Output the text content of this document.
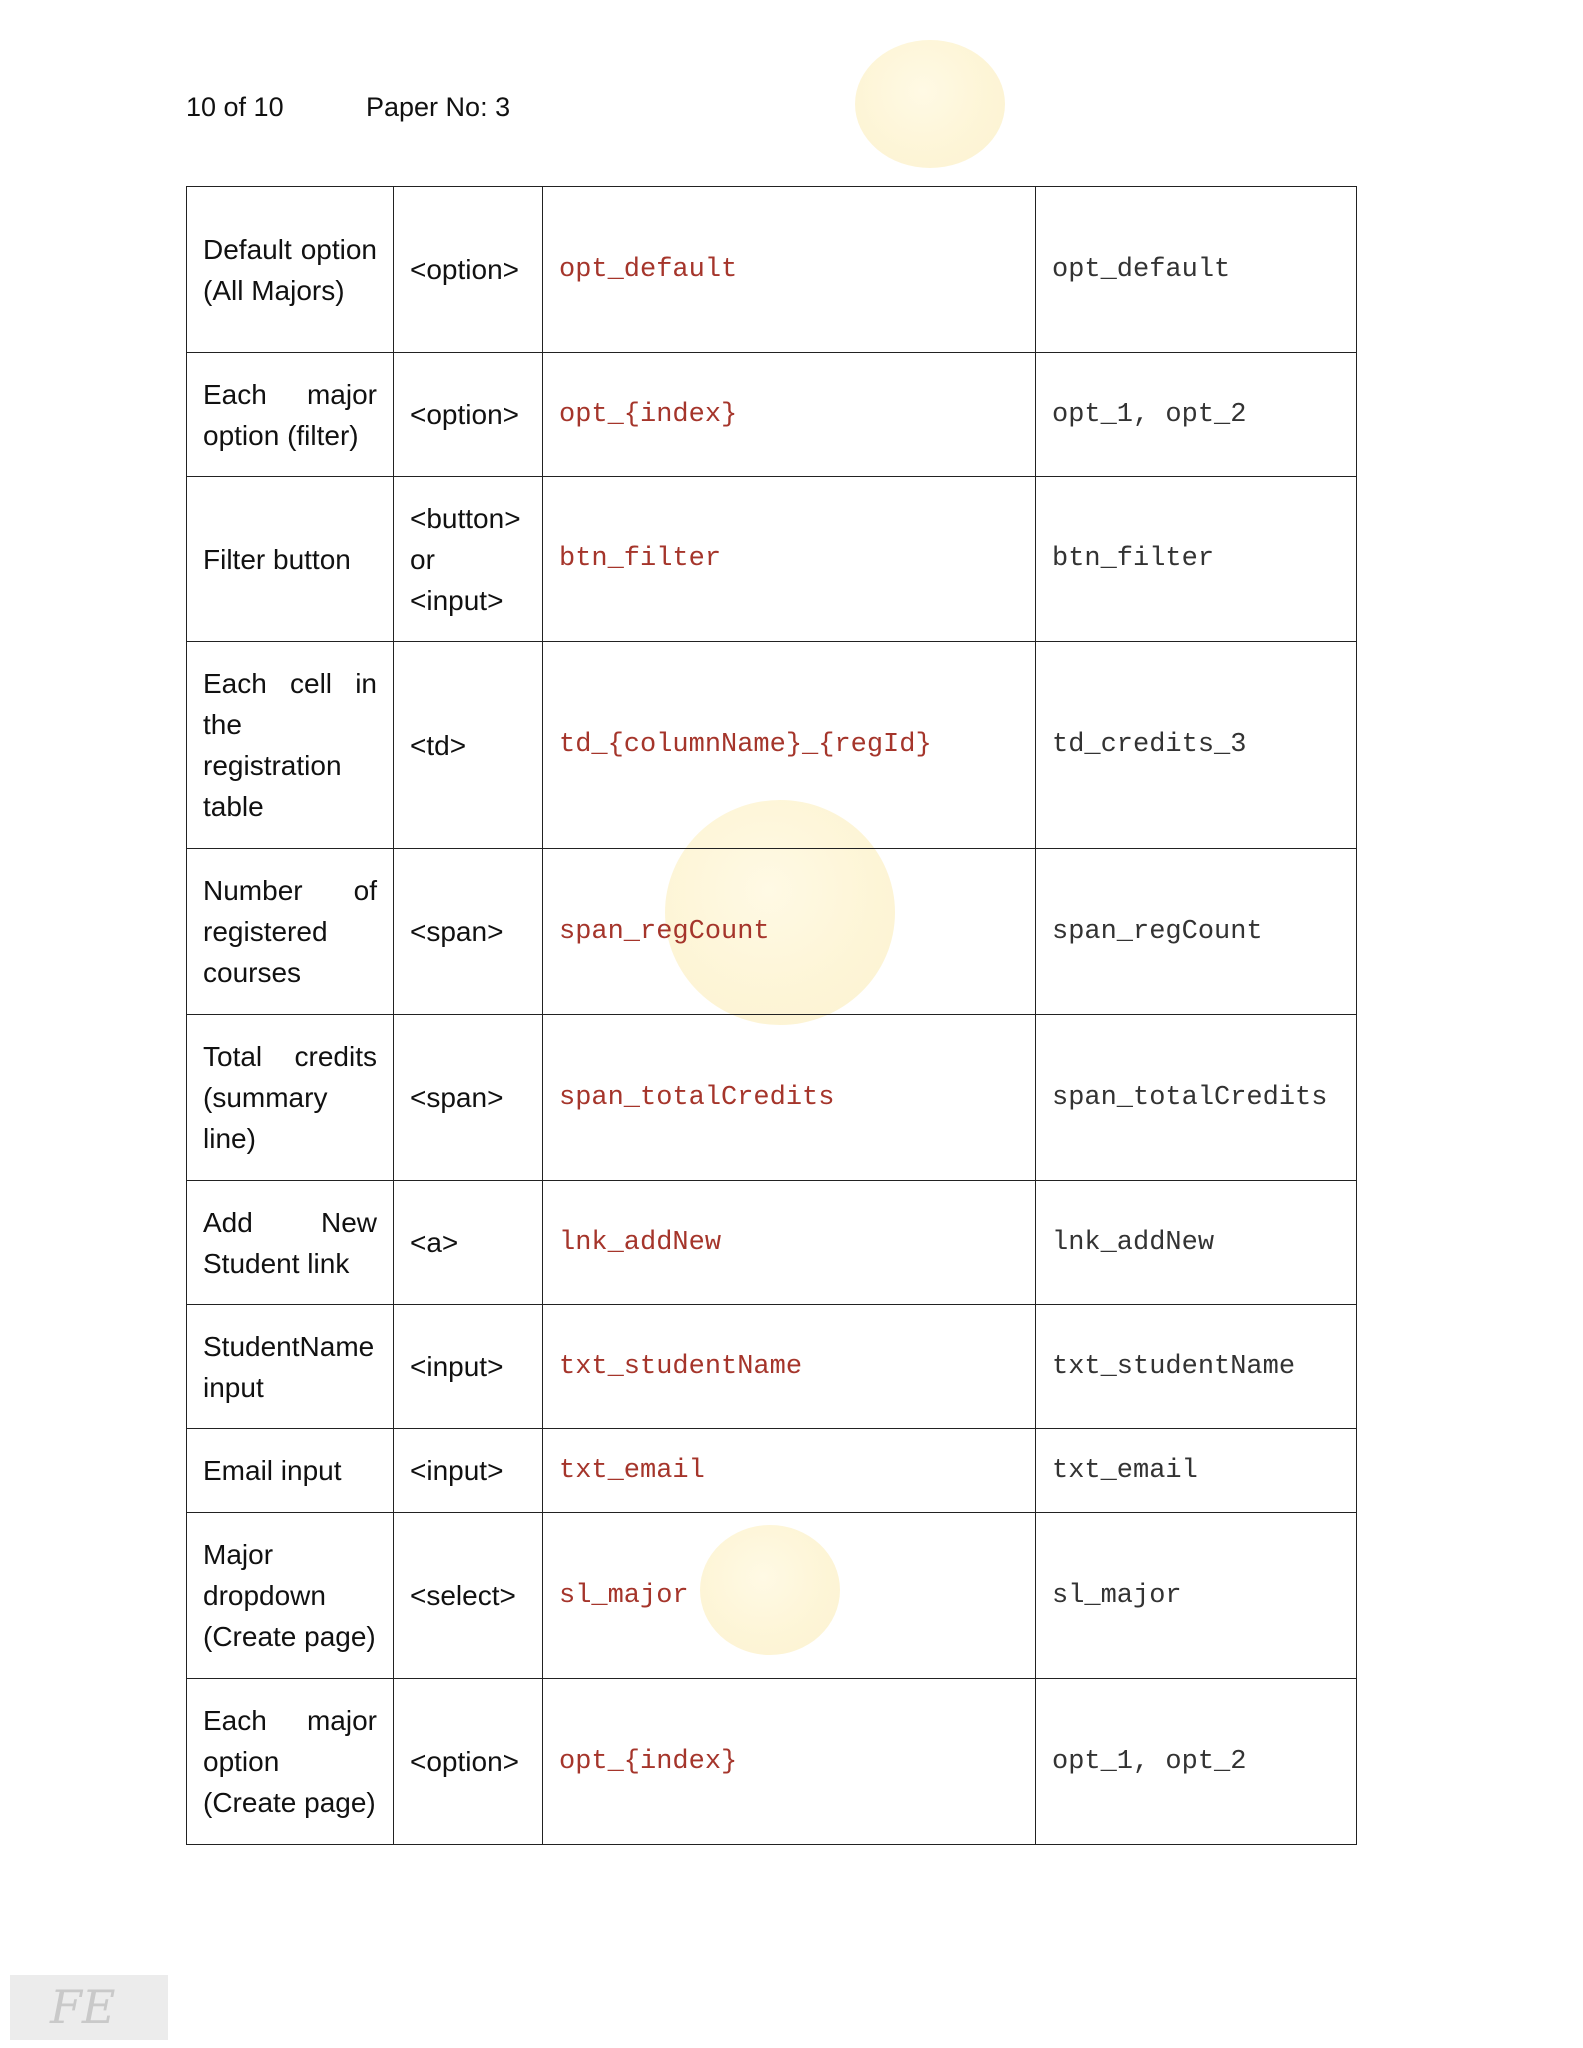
10 of 10	Paper No: 3
Default option (All Majors)	<option>	opt_default	opt_default
Each major option (filter)	<option>	opt_{index}	opt_1, opt_2
Filter button	<button> or <input>	btn_filter	btn_filter
Each cell in the registration table	<td>	td_{columnName}_{regId}	td_credits_3
Number of registered courses	<span>	span_regCount	span_regCount
Total credits (summary line)	<span>	span_totalCredits	span_totalCredits
Add New Student link	<a>	lnk_addNew	lnk_addNew
StudentName input	<input>	txt_studentName	txt_studentName
Email input	<input>	txt_email	txt_email
Major dropdown (Create page)	<select>	sl_major	sl_major
Each major option (Create page)	<option>	opt_{index}	opt_1, opt_2
FE
